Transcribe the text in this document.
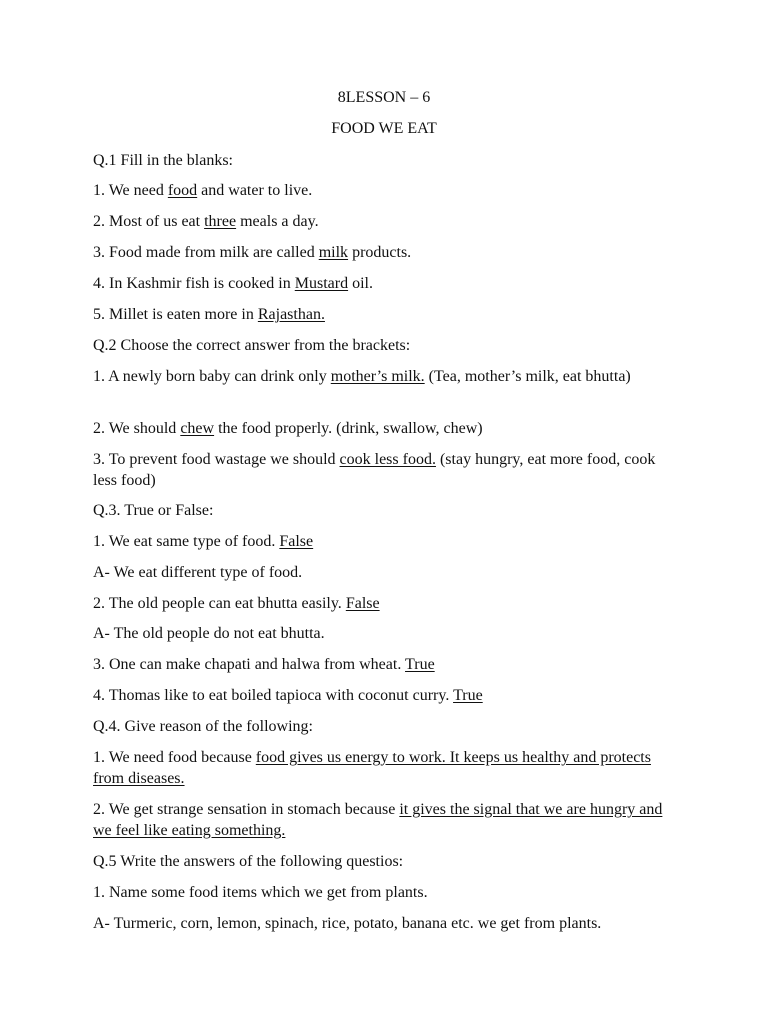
8LESSON – 6
FOOD WE EAT
Q.1 Fill in the blanks:
1. We need food and water to live.
2. Most of us eat three meals a day.
3. Food made from milk are called milk products.
4. In Kashmir fish is cooked in Mustard oil.
5. Millet is eaten more in Rajasthan.
Q.2 Choose the correct answer from the brackets:
1. A newly born baby can drink only mother’s milk. (Tea, mother’s milk, eat bhutta)
2. We should chew the food properly. (drink, swallow, chew)
3. To prevent food wastage we should cook less food. (stay hungry, eat more food, cook less food)
Q.3. True or False:
1. We eat same type of food. False
A- We eat different type of food.
2. The old people can eat bhutta easily. False
A- The old people do not eat bhutta.
3. One can make chapati and halwa from wheat. True
4. Thomas like to eat boiled tapioca with coconut curry. True
Q.4. Give reason of the following:
1. We need food because food gives us energy to work. It keeps us healthy and protects from diseases.
2. We get strange sensation in stomach because it gives the signal that we are hungry and we feel like eating something.
Q.5 Write the answers of the following questios:
1. Name some food items which we get from plants.
A- Turmeric, corn, lemon, spinach, rice, potato, banana etc. we get from plants.
